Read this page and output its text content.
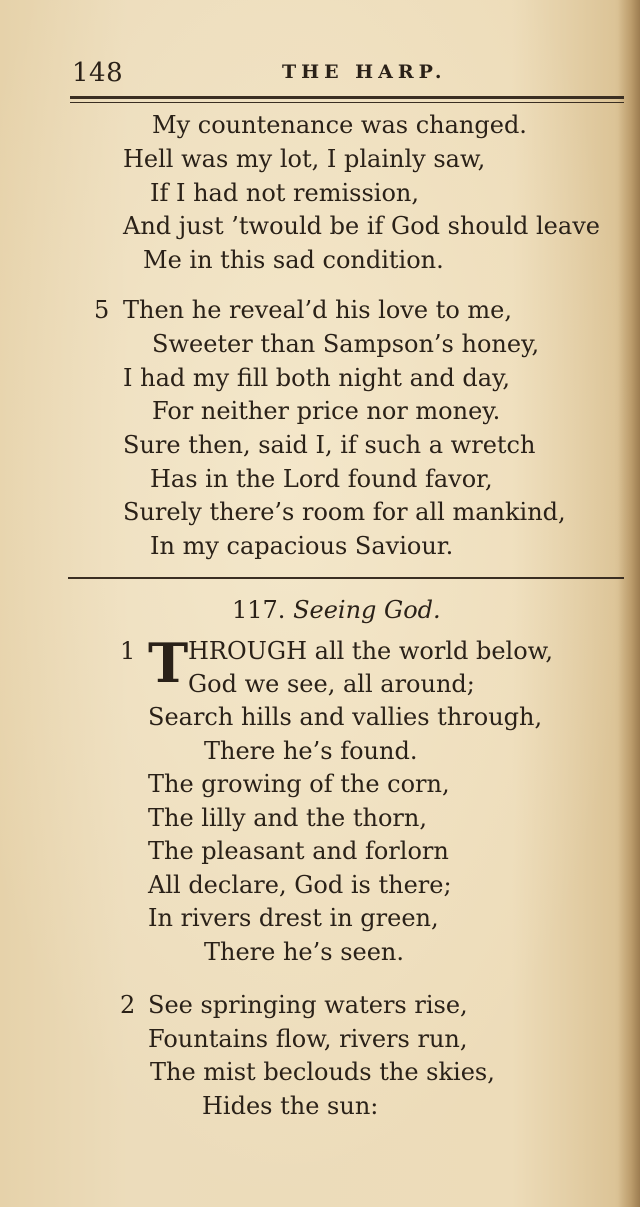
148	THE HARP.
My countenance was changed.
Hell was my lot, I plainly saw,
If I had not remission,
And just ’twould be if God should leave
Me in this sad condition.
5 Then he reveal’d his love to me,
Sweeter than Sampson’s honey,
I had my fill both night and day,
For neither price nor money.
Sure then, said I, if such a wretch
Has in the Lord found favor,
Surely there’s room for all mankind,
In my capacious Saviour.
117. Seeing God.
1 T HROUGH all the world below,
God we see, all around;
Search hills and vallies through,
There he’s found.
The growing of the corn,
The lilly and the thorn,
The pleasant and forlorn
All declare, God is there;
In rivers drest in green,
There he’s seen.
2 See springing waters rise,
Fountains flow, rivers run,
The mist beclouds the skies,
Hides the sun:
